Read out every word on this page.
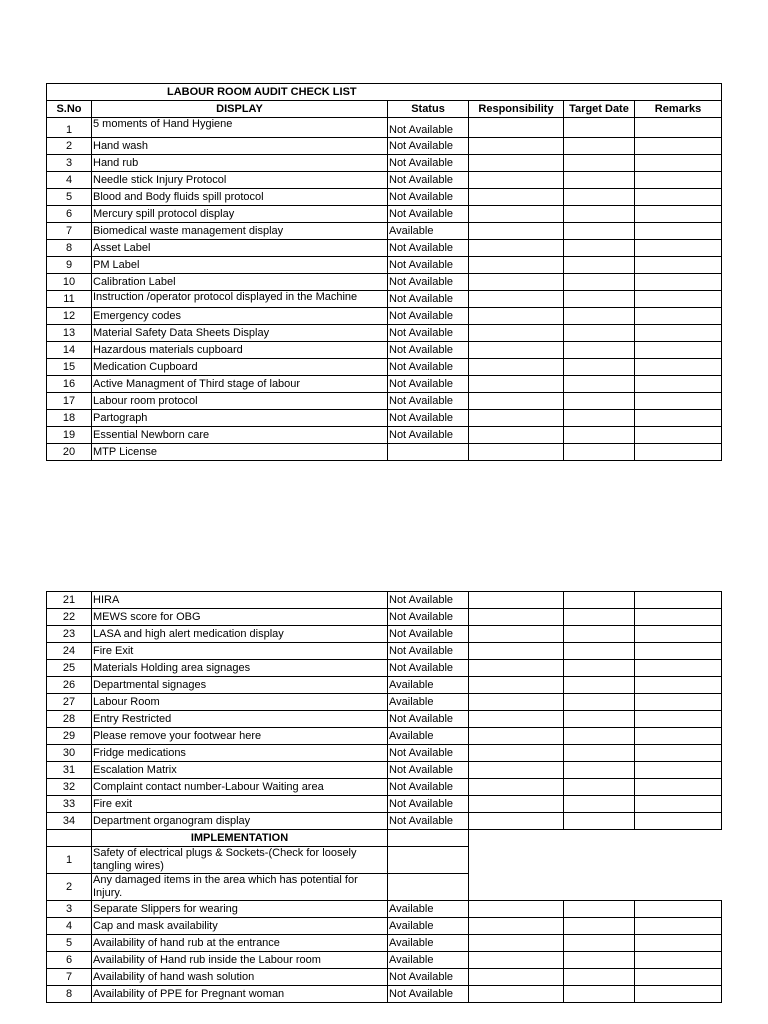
LABOUR ROOM AUDIT CHECK LIST					
S.No	DISPLAY	Status	Responsibility	Target Date	Remarks
1	5 moments of Hand Hygiene	Not Available			
2	Hand wash	Not Available			
3	Hand rub	Not Available			
4	Needle stick Injury Protocol	Not Available			
5	Blood and Body fluids spill protocol	Not Available			
6	Mercury spill protocol display	Not Available			
7	Biomedical waste management display	Available			
8	Asset Label	Not Available			
9	PM Label	Not Available			
10	Calibration Label	Not Available			
11	Instruction /operator protocol displayed in the Machine	Not Available			
12	Emergency codes	Not Available			
13	Material Safety Data Sheets Display	Not Available			
14	Hazardous materials cupboard	Not Available			
15	Medication Cupboard	Not Available			
16	Active Managment of Third stage of labour	Not Available			
17	Labour room protocol	Not Available			
18	Partograph	Not Available			
19	Essential Newborn care	Not Available			
20	MTP License				
21	HIRA	Not Available			
22	MEWS score for OBG	Not Available			
23	LASA and high alert medication display	Not Available			
24	Fire Exit	Not Available			
25	Materials Holding area signages	Not Available			
26	Departmental signages	Available			
27	Labour Room	Available			
28	Entry Restricted	Not Available			
29	Please remove your footwear here	Available			
30	Fridge medications	Not Available			
31	Escalation Matrix	Not Available			
32	Complaint contact number-Labour Waiting area	Not Available			
33	Fire exit	Not Available			
34	Department organogram display	Not Available			
	IMPLEMENTATION				
1	Safety of electrical plugs & Sockets-(Check for loosely tangling wires)				
2	Any damaged items in the area which has potential for Injury.				
3	Separate Slippers for wearing	Available			
4	Cap and mask availability	Available			
5	Availability of hand rub at the entrance	Available			
6	Availability of Hand rub inside the Labour room	Available			
7	Availability of hand wash solution	Not Available			
8	Availability of PPE for Pregnant woman	Not Available			
